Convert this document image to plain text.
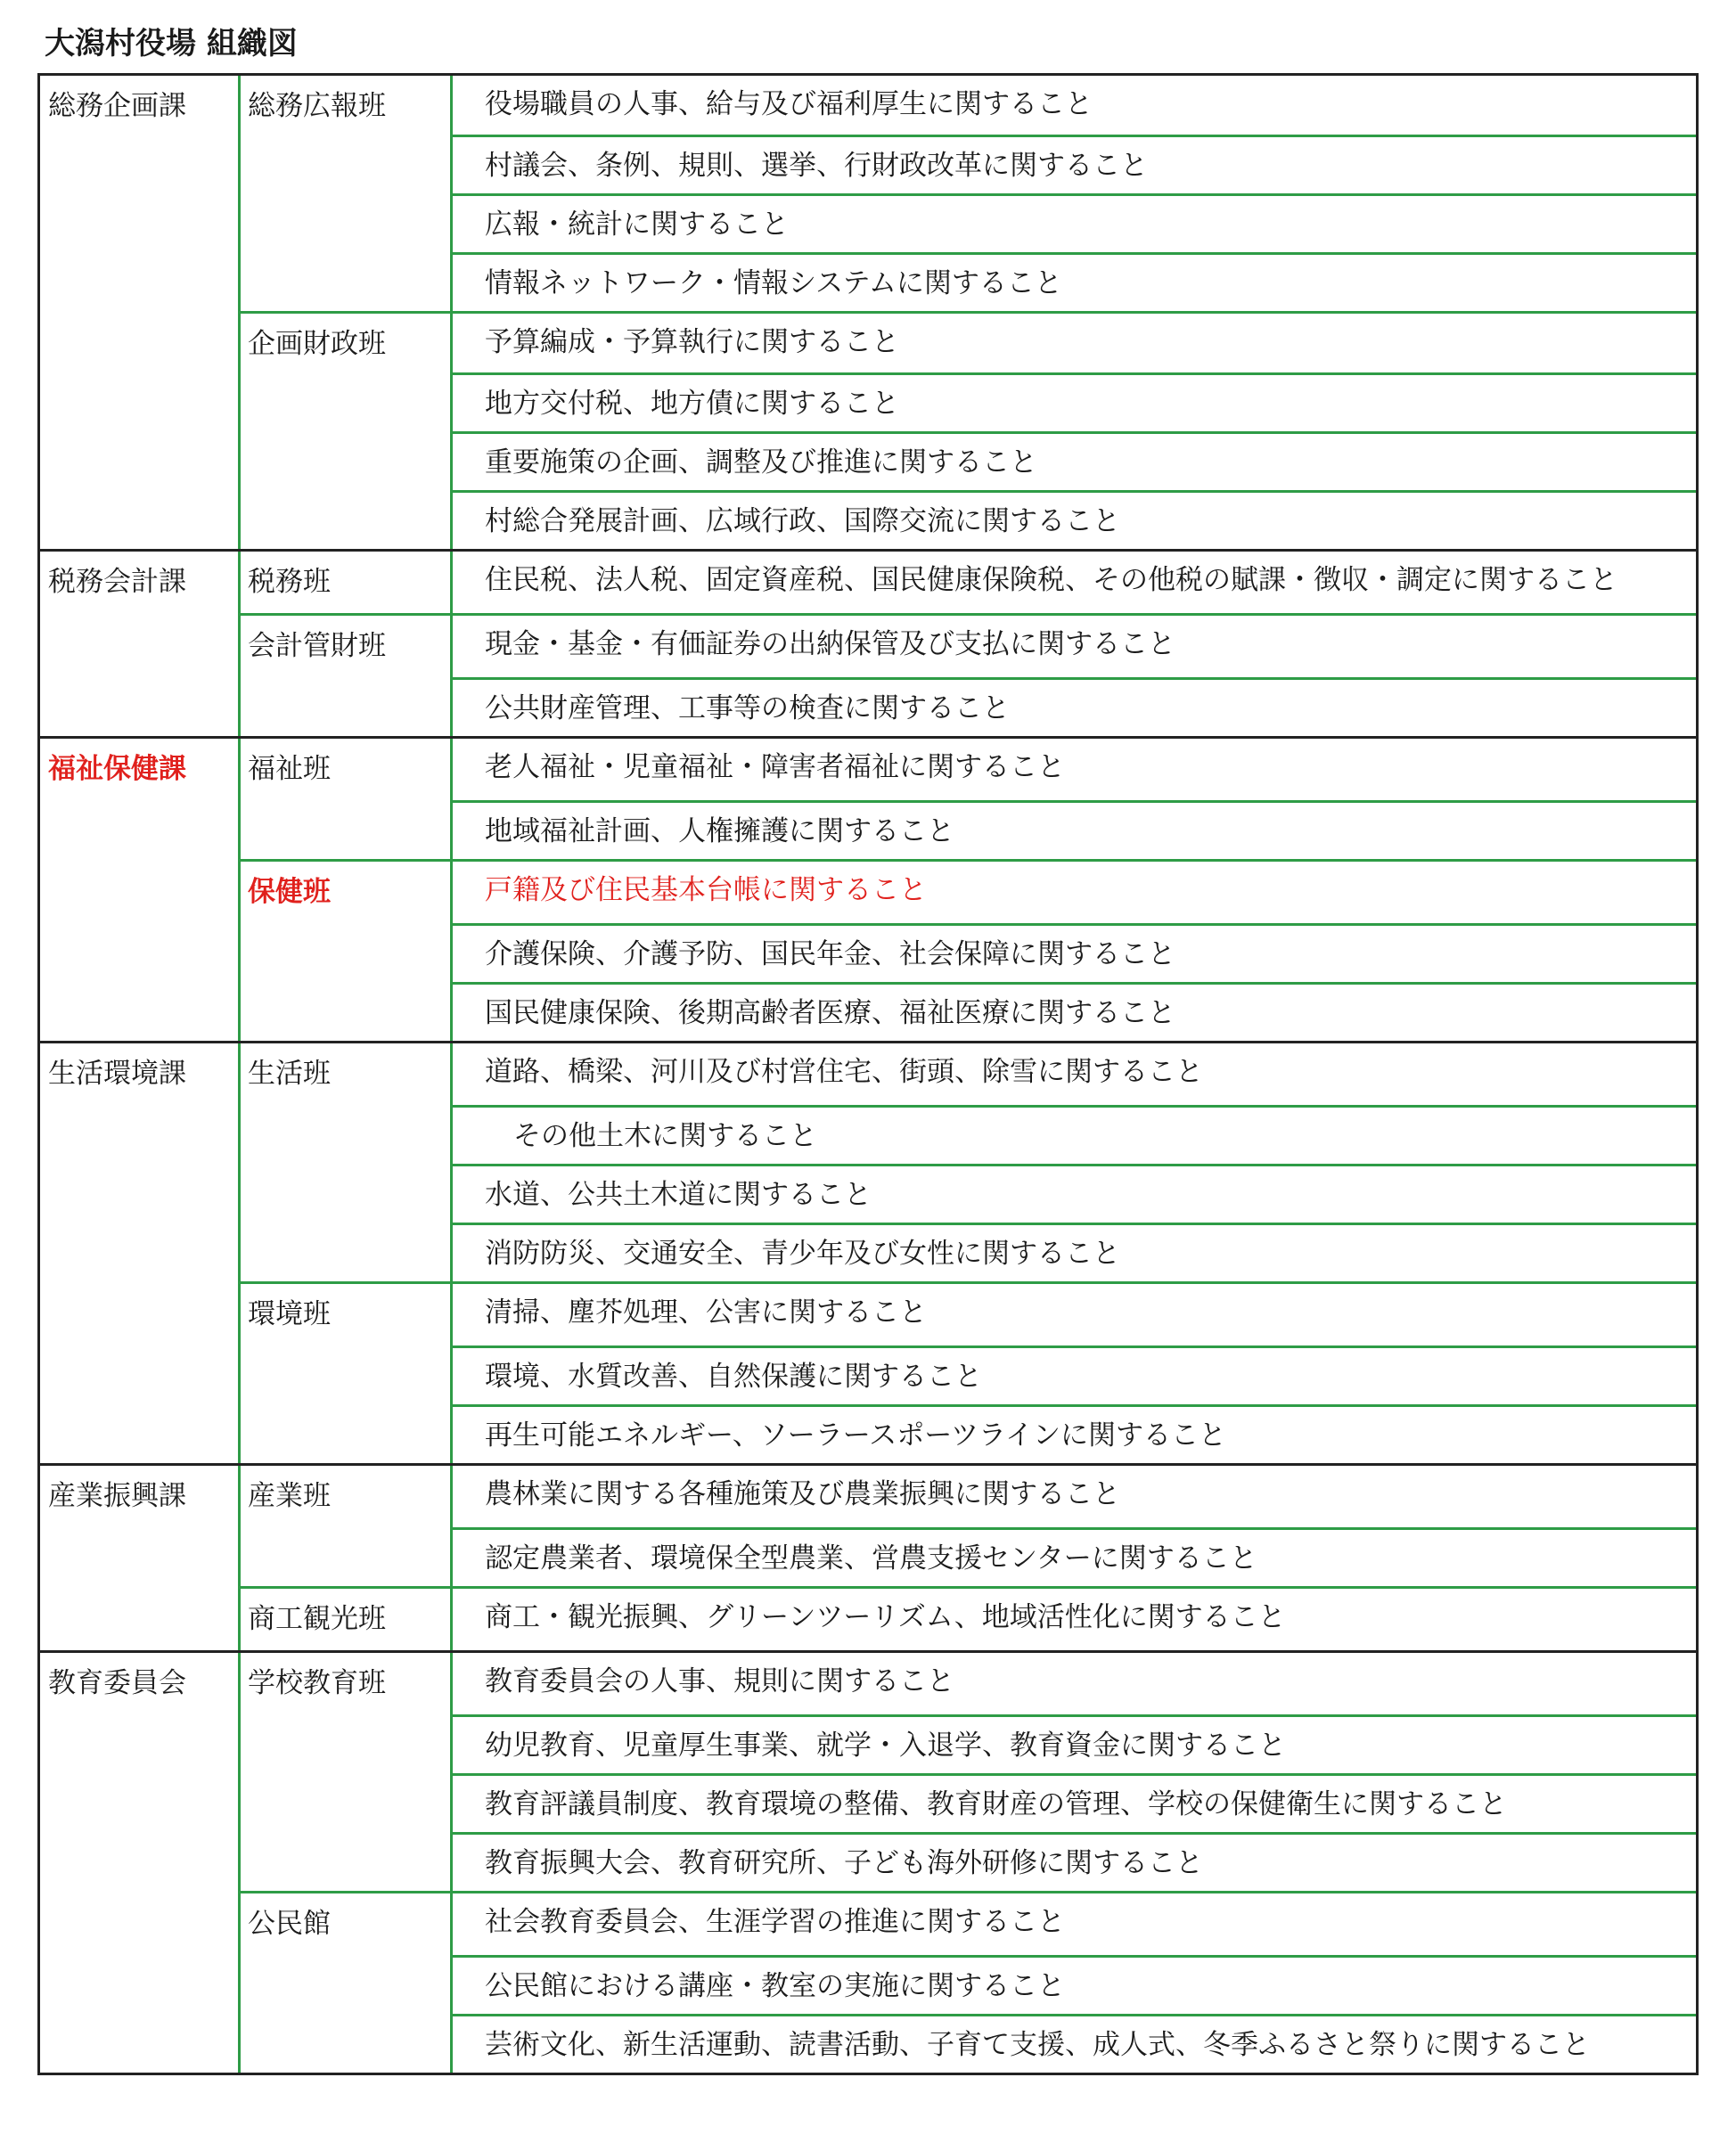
大潟村役場 組織図
総務企画課	総務広報班	役場職員の人事、給与及び福利厚生に関すること
村議会、条例、規則、選挙、行財政改革に関すること
広報・統計に関すること
情報ネットワーク・情報システムに関すること
企画財政班	予算編成・予算執行に関すること
地方交付税、地方債に関すること
重要施策の企画、調整及び推進に関すること
村総合発展計画、広域行政、国際交流に関すること
税務会計課	税務班	住民税、法人税、固定資産税、国民健康保険税、その他税の賦課・徴収・調定に関すること
会計管財班	現金・基金・有価証券の出納保管及び支払に関すること
公共財産管理、工事等の検査に関すること
福祉保健課	福祉班	老人福祉・児童福祉・障害者福祉に関すること
地域福祉計画、人権擁護に関すること
保健班	戸籍及び住民基本台帳に関すること
介護保険、介護予防、国民年金、社会保障に関すること
国民健康保険、後期高齢者医療、福祉医療に関すること
生活環境課	生活班	道路、橋梁、河川及び村営住宅、街頭、除雪に関すること
その他土木に関すること
水道、公共土木道に関すること
消防防災、交通安全、青少年及び女性に関すること
環境班	清掃、塵芥処理、公害に関すること
環境、水質改善、自然保護に関すること
再生可能エネルギー、ソーラースポーツラインに関すること
産業振興課	産業班	農林業に関する各種施策及び農業振興に関すること
認定農業者、環境保全型農業、営農支援センターに関すること
商工観光班	商工・観光振興、グリーンツーリズム、地域活性化に関すること
教育委員会	学校教育班	教育委員会の人事、規則に関すること
幼児教育、児童厚生事業、就学・入退学、教育資金に関すること
教育評議員制度、教育環境の整備、教育財産の管理、学校の保健衛生に関すること
教育振興大会、教育研究所、子ども海外研修に関すること
公民館	社会教育委員会、生涯学習の推進に関すること
公民館における講座・教室の実施に関すること
芸術文化、新生活運動、読書活動、子育て支援、成人式、冬季ふるさと祭りに関すること
